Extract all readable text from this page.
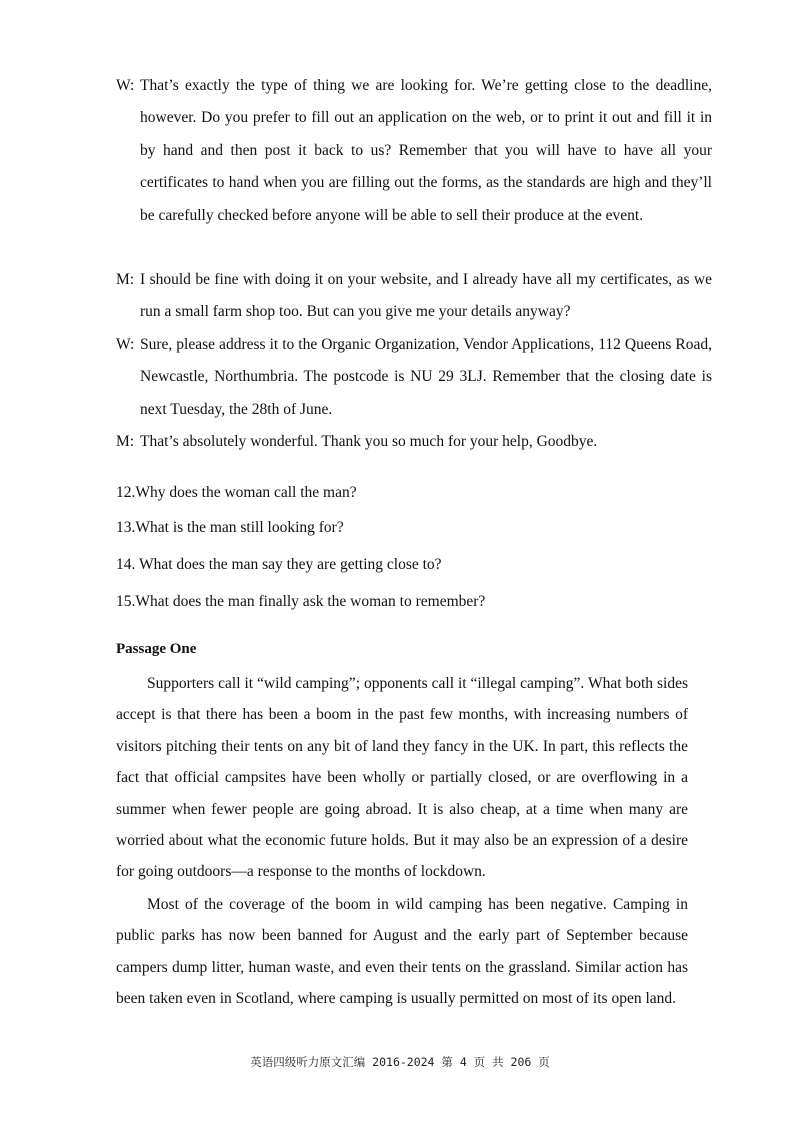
W: That’s exactly the type of thing we are looking for. We’re getting close to the deadline, however. Do you prefer to fill out an application on the web, or to print it out and fill it in by hand and then post it back to us? Remember that you will have to have all your certificates to hand when you are filling out the forms, as the standards are high and they’ll be carefully checked before anyone will be able to sell their produce at the event.
M: I should be fine with doing it on your website, and I already have all my certificates, as we run a small farm shop too. But can you give me your details anyway?
W: Sure, please address it to the Organic Organization, Vendor Applications, 112 Queens Road, Newcastle, Northumbria. The postcode is NU 29 3LJ. Remember that the closing date is next Tuesday, the 28th of June.
M: That’s absolutely wonderful. Thank you so much for your help, Goodbye.
12.Why does the woman call the man?
13.What is the man still looking for?
14. What does the man say they are getting close to?
15.What does the man finally ask the woman to remember?
Passage One
Supporters call it “wild camping”; opponents call it “illegal camping”. What both sides accept is that there has been a boom in the past few months, with increasing numbers of visitors pitching their tents on any bit of land they fancy in the UK. In part, this reflects the fact that official campsites have been wholly or partially closed, or are overflowing in a summer when fewer people are going abroad. It is also cheap, at a time when many are worried about what the economic future holds. But it may also be an expression of a desire for going outdoors—a response to the months of lockdown.
Most of the coverage of the boom in wild camping has been negative. Camping in public parks has now been banned for August and the early part of September because campers dump litter, human waste, and even their tents on the grassland. Similar action has been taken even in Scotland, where camping is usually permitted on most of its open land.
英语四级听力原文汇编 2016-2024 第 4 页 共 206 页
